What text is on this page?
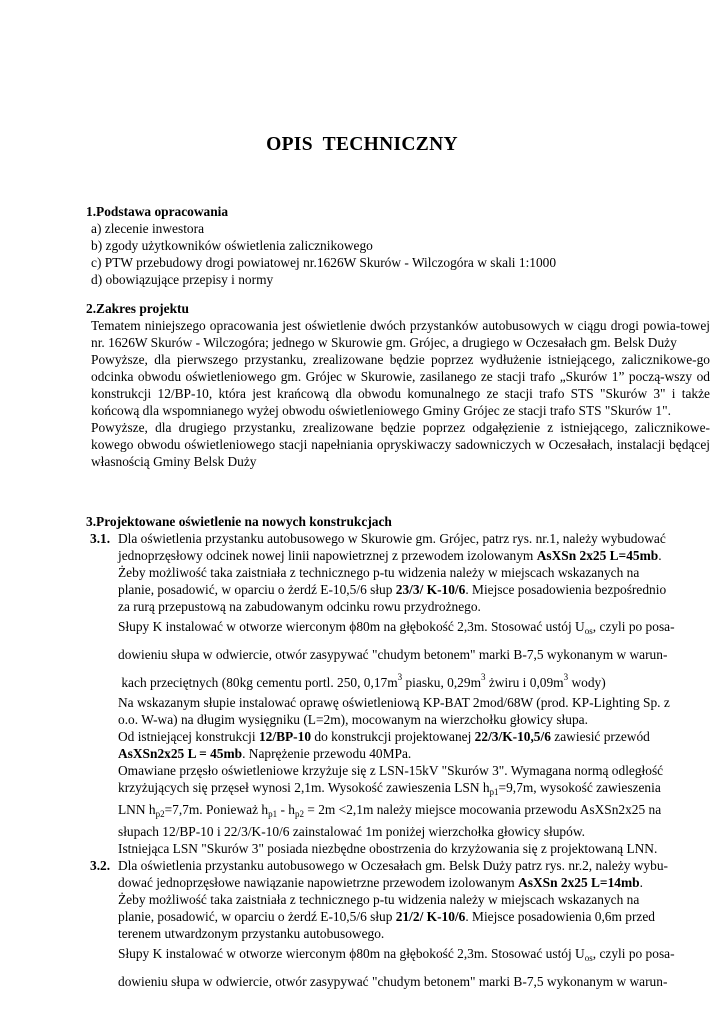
OPIS TECHNICZNY
1.Podstawa opracowania
a) zlecenie inwestora
b) zgody użytkowników oświetlenia zalicznikowego
c) PTW przebudowy drogi powiatowej nr.1626W Skurów - Wilczogóra w skali 1:1000
d) obowiązujące przepisy i normy
2.Zakres projektu
Tematem niniejszego opracowania jest oświetlenie dwóch przystanków autobusowych w ciągu drogi powia-towej nr. 1626W Skurów - Wilczogóra; jednego w Skurowie gm. Grójec, a drugiego w Oczesałach gm. Belsk Duży
Powyższe, dla pierwszego przystanku, zrealizowane będzie poprzez wydłużenie istniejącego, zalicznikowe-go odcinka obwodu oświetleniowego gm. Grójec w Skurowie, zasilanego ze stacji trafo „Skurów 1” począ-wszy od konstrukcji 12/BP-10, która jest krańcową dla obwodu komunalnego ze stacji trafo STS "Skurów 3" i także końcową dla wspomnianego wyżej obwodu oświetleniowego Gminy Grójec ze stacji trafo STS "Skurów 1".
Powyższe, dla drugiego przystanku, zrealizowane będzie poprzez odgałęzienie z istniejącego, zalicznikowe-kowego obwodu oświetleniowego stacji napełniania opryskiwaczy sadowniczych w Oczesałach, instalacji będącej własnością Gminy Belsk Duży
3.Projektowane oświetlenie na nowych konstrukcjach
3.1. Dla oświetlenia przystanku autobusowego w Skurowie gm. Grójec, patrz rys. nr.1, należy wybudować
jednoprzęsłowy odcinek nowej linii napowietrznej z przewodem izolowanym AsXSn 2x25 L=45mb.
Żeby możliwość taka zaistniała z technicznego p-tu widzenia należy w miejscach wskazanych na
planie, posadowić, w oparciu o żerdź E-10,5/6 słup 23/3/ K-10/6. Miejsce posadowienia bezpośrednio
za rurą przepustową na zabudowanym odcinku rowu przydrożnego.
Słupy K instalować w otworze wierconym ϕ80m na głębokość 2,3m. Stosować ustój $U_{os}$, czyli po posa-
dowieniu słupa w odwiercie, otwór zasypywać "chudym betonem" marki B-7,5 wykonanym w warun-
kach przeciętnych (80kg cementu portl. 250, $0,17m^3$ piasku, $0,29m^3$ żwiru i $0,09m^3$ wody)
Na wskazanym słupie instalować oprawę oświetleniową KP-BAT 2mod/68W (prod. KP-Lighting Sp. z
o.o. W-wa) na długim wysięgniku (L=2m), mocowanym na wierzchołku głowicy słupa.
Od istniejącej konstrukcji 12/BP-10 do konstrukcji projektowanej 22/3/K-10,5/6 zawiesić przewód
AsXSn2x25 L = 45mb. Naprężenie przewodu 40MPa.
Omawiane przęsło oświetleniowe krzyżuje się z LSN-15kV "Skurów 3". Wymagana normą odległość
krzyżujących się przęseł wynosi 2,1m. Wysokość zawieszenia LSN $h_{p1}=9,7m$, wysokość zawieszenia
LNN $h_{p2}=7,7m$. Ponieważ $h_{p1} - h_{p2} = 2m <2,1m$ należy miejsce mocowania przewodu AsXSn2x25 na
słupach 12/BP-10 i 22/3/K-10/6 zainstalować 1m poniżej wierzchołka głowicy słupów.
Istniejąca LSN "Skurów 3" posiada niezbędne obostrzenia do krzyżowania się z projektowaną LNN.
3.2. Dla oświetlenia przystanku autobusowego w Oczesałach gm. Belsk Duży patrz rys. nr.2, należy wybu-
dować jednoprzęsłowe nawiązanie napowietrzne przewodem izolowanym AsXSn 2x25 L=14mb.
Żeby możliwość taka zaistniała z technicznego p-tu widzenia należy w miejscach wskazanych na
planie, posadowić, w oparciu o żerdź E-10,5/6 słup 21/2/ K-10/6. Miejsce posadowienia 0,6m przed
terenem utwardzonym przystanku autobusowego.
Słupy K instalować w otworze wierconym ϕ80m na głębokość 2,3m. Stosować ustój $U_{os}$, czyli po posa-
dowieniu słupa w odwiercie, otwór zasypywać "chudym betonem" marki B-7,5 wykonanym w warun-
